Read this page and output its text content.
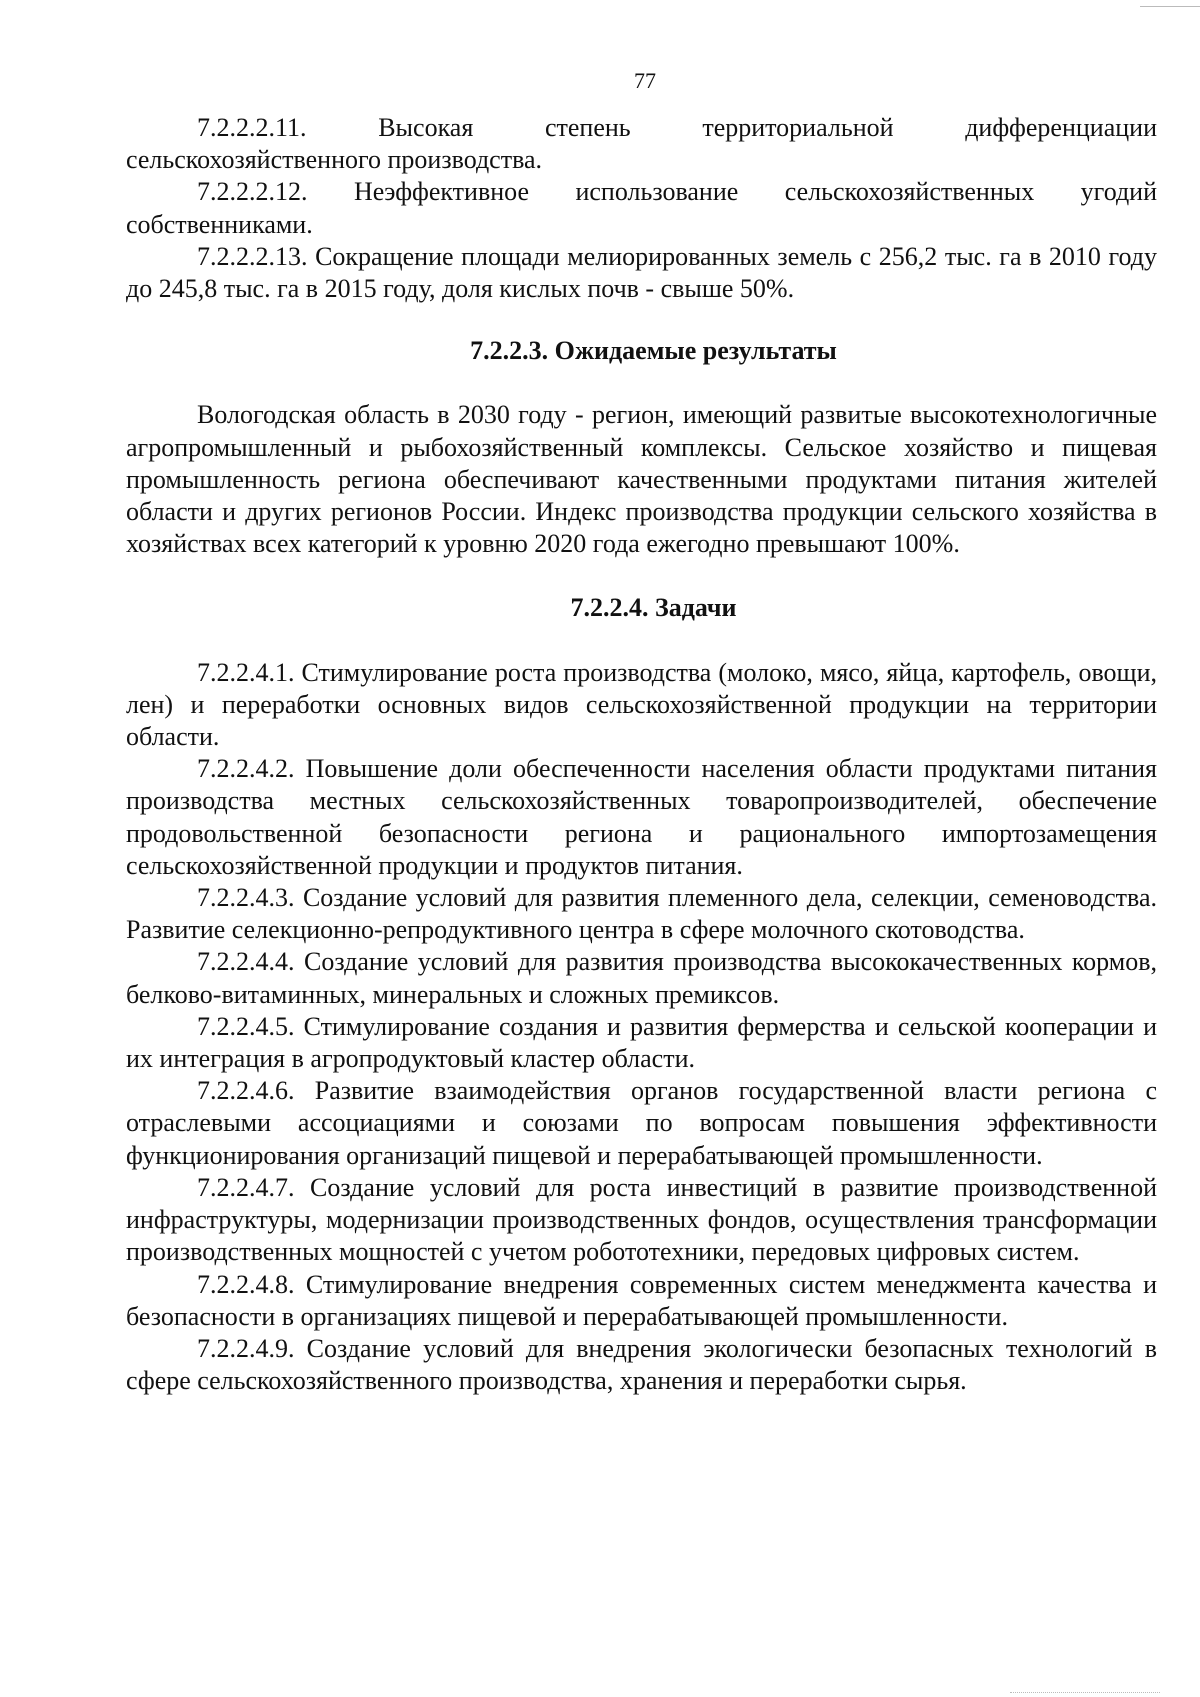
77

7.2.2.2.11. Высокая степень территориальной дифференциации сельскохозяйственного производства.

7.2.2.2.12. Неэффективное использование сельскохозяйственных угодий собственниками.

7.2.2.2.13. Сокращение площади мелиорированных земель с 256,2 тыс. га в 2010 году до 245,8 тыс. га в 2015 году, доля кислых почв - свыше 50%.

7.2.2.3. Ожидаемые результаты

Вологодская область в 2030 году - регион, имеющий развитые высокотехнологичные агропромышленный и рыбохозяйственный комплексы. Сельское хозяйство и пищевая промышленность региона обеспечивают качественными продуктами питания жителей области и других регионов России. Индекс производства продукции сельского хозяйства в хозяйствах всех категорий к уровню 2020 года ежегодно превышают 100%.

7.2.2.4. Задачи

7.2.2.4.1. Стимулирование роста производства (молоко, мясо, яйца, картофель, овощи, лен) и переработки основных видов сельскохозяйственной продукции на территории области.

7.2.2.4.2. Повышение доли обеспеченности населения области продуктами питания производства местных сельскохозяйственных товаропроизводителей, обеспечение продовольственной безопасности региона и рационального импортозамещения сельскохозяйственной продукции и продуктов питания.

7.2.2.4.3. Создание условий для развития племенного дела, селекции, семеноводства. Развитие селекционно-репродуктивного центра в сфере молочного скотоводства.

7.2.2.4.4. Создание условий для развития производства высококачественных кормов, белково-витаминных, минеральных и сложных премиксов.

7.2.2.4.5. Стимулирование создания и развития фермерства и сельской кооперации и их интеграция в агропродуктовый кластер области.

7.2.2.4.6. Развитие взаимодействия органов государственной власти региона с отраслевыми ассоциациями и союзами по вопросам повышения эффективности функционирования организаций пищевой и перерабатывающей промышленности.

7.2.2.4.7. Создание условий для роста инвестиций в развитие производственной инфраструктуры, модернизации производственных фондов, осуществления трансформации производственных мощностей с учетом робототехники, передовых цифровых систем.

7.2.2.4.8. Стимулирование внедрения современных систем менеджмента качества и безопасности в организациях пищевой и перерабатывающей промышленности.

7.2.2.4.9. Создание условий для внедрения экологически безопасных технологий в сфере сельскохозяйственного производства, хранения и переработки сырья.
